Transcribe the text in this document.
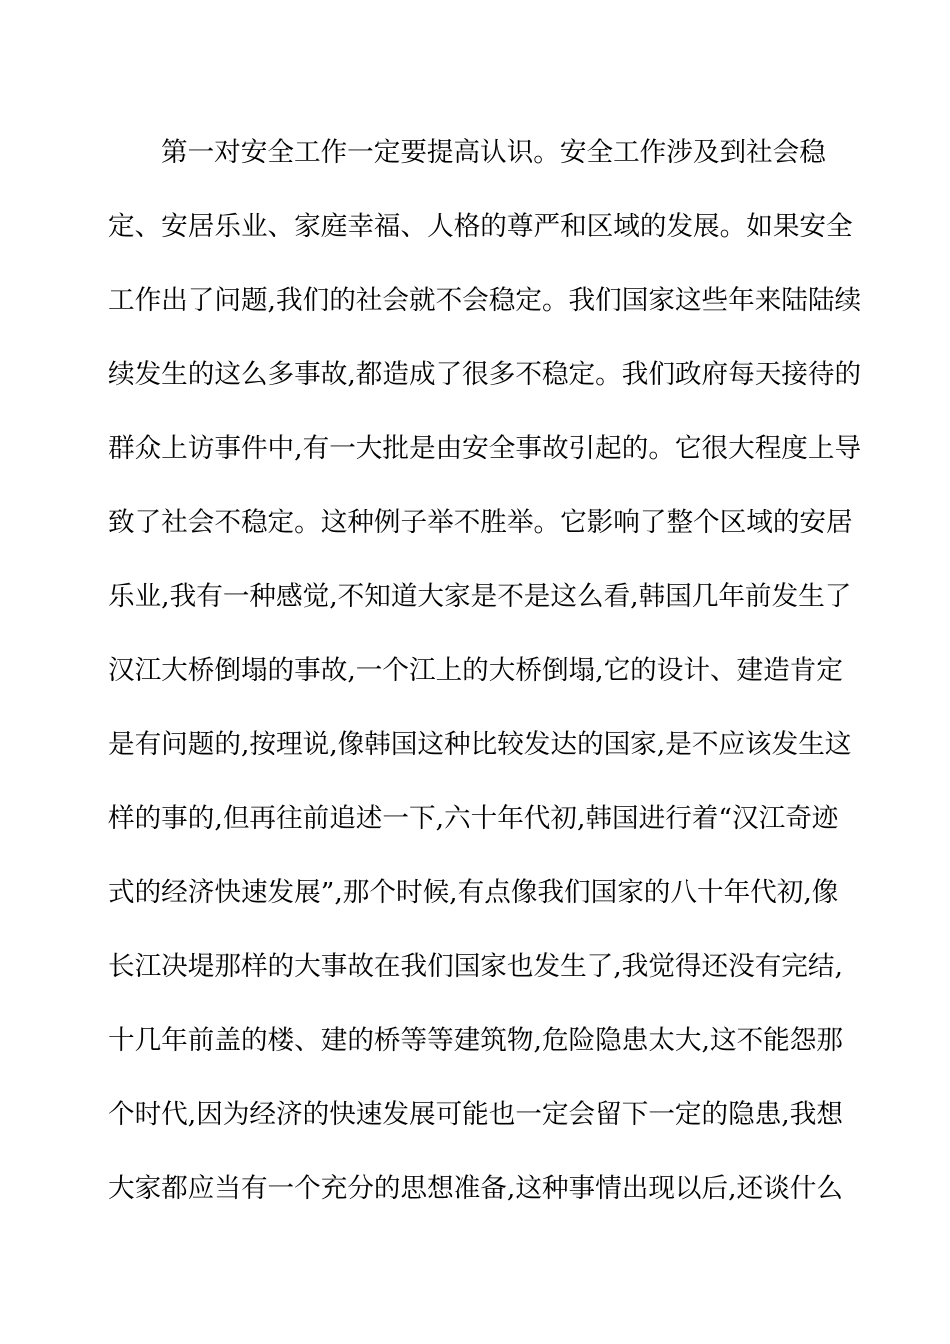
第一对安全工作一定要提高认识。安全工作涉及到社会稳
定、安居乐业、家庭幸福、人格的尊严和区域的发展。如果安全
工作出了问题,我们的社会就不会稳定。我们国家这些年来陆陆续
续发生的这么多事故,都造成了很多不稳定。我们政府每天接待的
群众上访事件中,有一大批是由安全事故引起的。它很大程度上导
致了社会不稳定。这种例子举不胜举。它影响了整个区域的安居
乐业,我有一种感觉,不知道大家是不是这么看,韩国几年前发生了
汉江大桥倒塌的事故,一个江上的大桥倒塌,它的设计、建造肯定
是有问题的,按理说,像韩国这种比较发达的国家,是不应该发生这
样的事的,但再往前追述一下,六十年代初,韩国进行着“汉江奇迹
式的经济快速发展”,那个时候,有点像我们国家的八十年代初,像
长江决堤那样的大事故在我们国家也发生了,我觉得还没有完结,
十几年前盖的楼、建的桥等等建筑物,危险隐患太大,这不能怨那
个时代,因为经济的快速发展可能也一定会留下一定的隐患,我想
大家都应当有一个充分的思想准备,这种事情出现以后,还谈什么
